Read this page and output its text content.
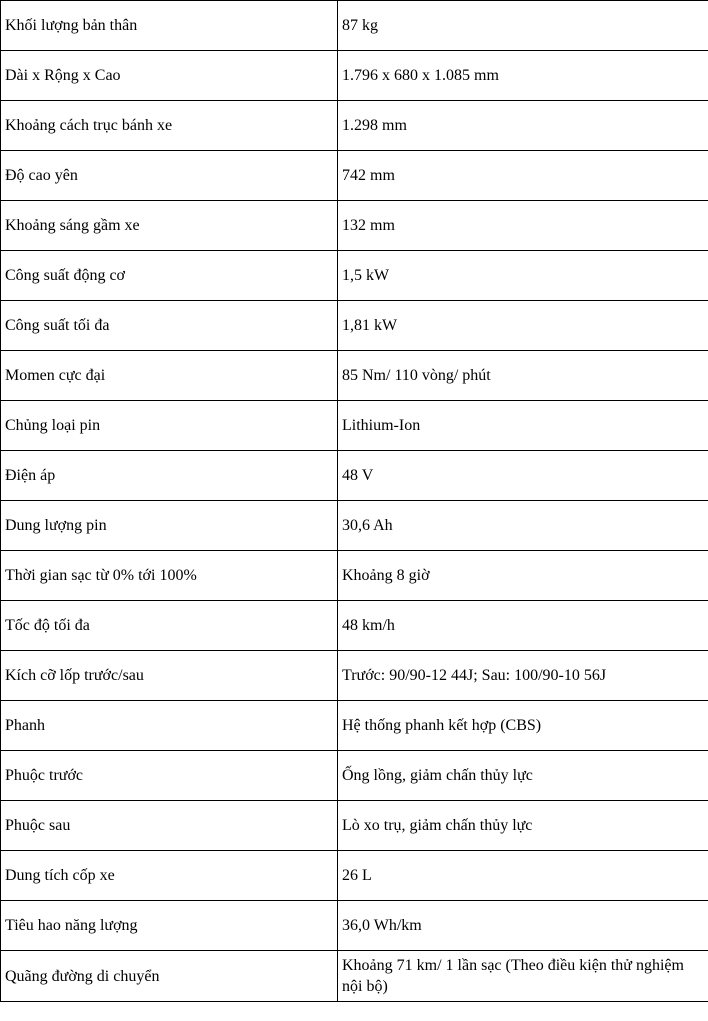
Khối lượng bản thân	87 kg
Dài x Rộng x Cao	1.796 x 680 x 1.085 mm
Khoảng cách trục bánh xe	1.298 mm
Độ cao yên	742 mm
Khoảng sáng gầm xe	132 mm
Công suất động cơ	1,5 kW
Công suất tối đa	1,81 kW
Momen cực đại	85 Nm/ 110 vòng/ phút
Chủng loại pin	Lithium-Ion
Điện áp	48 V
Dung lượng pin	30,6 Ah
Thời gian sạc từ 0% tới 100%	Khoảng 8 giờ
Tốc độ tối đa	48 km/h
Kích cỡ lốp trước/sau	Trước: 90/90-12 44J; Sau: 100/90-10 56J
Phanh	Hệ thống phanh kết hợp (CBS)
Phuộc trước	Ống lồng, giảm chấn thủy lực
Phuộc sau	Lò xo trụ, giảm chấn thủy lực
Dung tích cốp xe	26 L
Tiêu hao năng lượng	36,0 Wh/km
Quãng đường di chuyển	Khoảng 71 km/ 1 lần sạc (Theo điều kiện thử nghiệm nội bộ)
